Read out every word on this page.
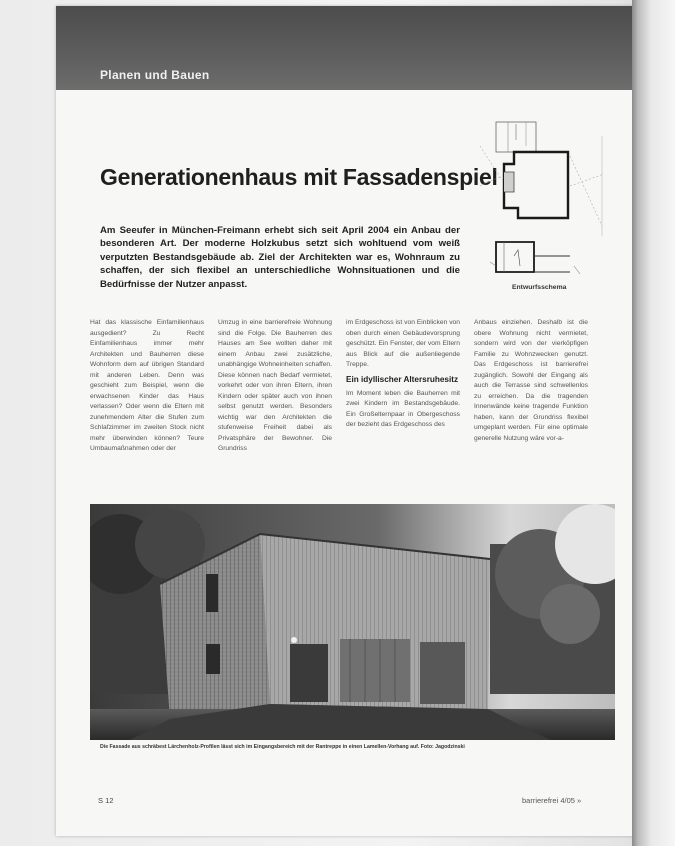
Planen und Bauen
Generationenhaus mit Fassadenspiel
Am Seeufer in München-Freimann erhebt sich seit April 2004 ein Anbau der besonderen Art. Der moderne Holzkubus setzt sich wohltuend vom weiß verputzten Bestandsgebäude ab. Ziel der Architekten war es, Wohnraum zu schaffen, der sich flexibel an unterschiedliche Wohnsituationen und die Bedürfnisse der Nutzer anpasst.	Entwurfsschema

Hat das klassische Einfamilienhaus ausgedient? Zu Recht Einfamilienhaus immer mehr Architekten und Bauherren diese Wohnform dem auf übrigen Standard mit anderen Leben. Denn was geschieht zum Beispiel, wenn die erwachsenen Kinder das Haus verlassen? Oder wenn die Eltern mit zunehmendem Alter die Stufen zum Schlafzimmer im zweiten Stock nicht mehr überwinden können? Teure Umbaumaßnahmen oder der

Umzug in eine barrierefreie Wohnung sind die Folge. Die Bauherren des Hauses am See wollten daher mit einem Anbau zwei zusätzliche, unabhängige Wohneinheiten schaffen. Diese können nach Bedarf vermietet, vorkehrt oder von ihren Eltern, ihren Kindern oder später auch von ihnen selbst genutzt werden. Besonders wichtig war den Architekten die stufenweise Freiheit dabei als Privatsphäre der Bewohner. Die Grundriss

im Erdgeschoss ist von Einblicken von oben durch einen Gebäudevorsprung geschützt. Ein Fenster, der vom Eltern aus Blick auf die außenliegende Treppe.

Ein idyllischer Altersruhesitz

Im Moment leben die Bauherren mit zwei Kindern im Bestandsgebäude. Ein Großelternpaar in Obergeschoss der bezieht das Erdgeschoss des

Anbaus einziehen. Deshalb ist die obere Wohnung nicht vermietet, sondern wird von der vierköpfigen Familie zu Wohnzwecken genutzt. Das Erdgeschoss ist barrierefrei zugänglich. Sowohl der Eingang als auch die Terrasse sind schwellenlos zu erreichen. Da die tragenden Innenwände keine tragende Funktion haben, kann der Grundriss flexibel umgeplant werden. Für eine optimale generelle Nutzung wäre vor-a-

Die Fassade aus schräbest Lärchenholz-Profilen lässt sich im Eingangsbereich mit der Rantreppe in einen Lamellen-Vorhang auf. Foto: Jagodzinski
S 12	barrierefrei 4/05 »
